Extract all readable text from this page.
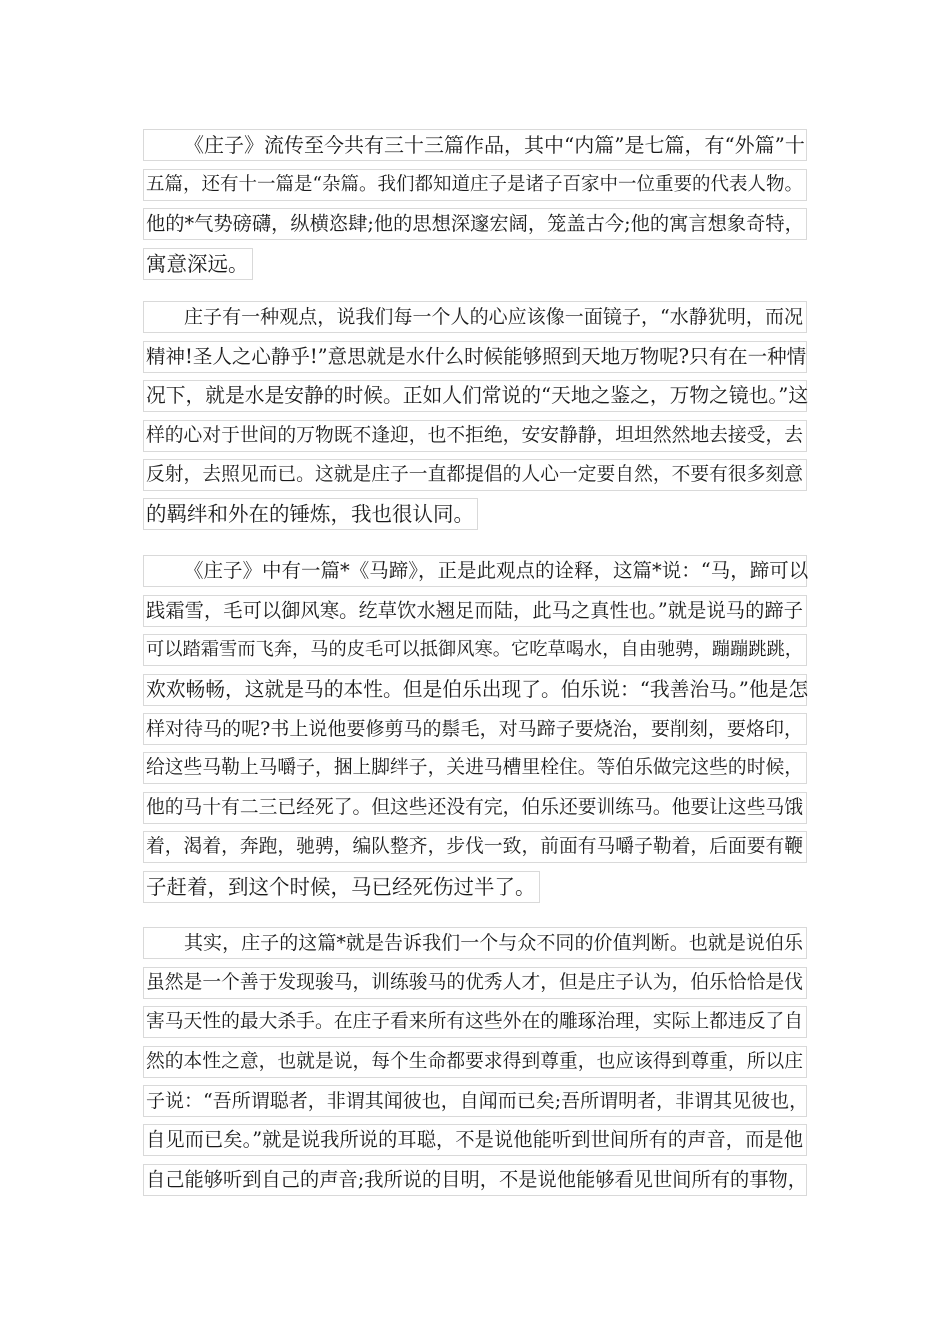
《庄子》流传至今共有三十三篇作品，其中“内篇”是七篇，有“外篇”十
五篇，还有十一篇是“杂篇。我们都知道庄子是诸子百家中一位重要的代表人物。
他的*气势磅礴，纵横恣肆;他的思想深邃宏阔，笼盖古今;他的寓言想象奇特，
寓意深远。
庄子有一种观点，说我们每一个人的心应该像一面镜子，“水静犹明，而况
精神!圣人之心静乎!”意思就是水什么时候能够照到天地万物呢?只有在一种情
况下，就是水是安静的时候。正如人们常说的“天地之鉴之，万物之镜也。”这
样的心对于世间的万物既不逢迎，也不拒绝，安安静静，坦坦然然地去接受，去
反射，去照见而已。这就是庄子一直都提倡的人心一定要自然，不要有很多刻意
的羁绊和外在的锤炼，我也很认同。
《庄子》中有一篇*《马蹄》，正是此观点的诠释，这篇*说：“马，蹄可以
践霜雪，毛可以御风寒。纥草饮水翘足而陆，此马之真性也。”就是说马的蹄子
可以踏霜雪而飞奔，马的皮毛可以抵御风寒。它吃草喝水，自由驰骋，蹦蹦跳跳，
欢欢畅畅，这就是马的本性。但是伯乐出现了。伯乐说：“我善治马。”他是怎
样对待马的呢?书上说他要修剪马的鬃毛，对马蹄子要烧治，要削刻，要烙印，
给这些马勒上马嚼子，捆上脚绊子，关进马槽里栓住。等伯乐做完这些的时候，
他的马十有二三已经死了。但这些还没有完，伯乐还要训练马。他要让这些马饿
着，渴着，奔跑，驰骋，编队整齐，步伐一致，前面有马嚼子勒着，后面要有鞭
子赶着，到这个时候，马已经死伤过半了。
其实，庄子的这篇*就是告诉我们一个与众不同的价值判断。也就是说伯乐
虽然是一个善于发现骏马，训练骏马的优秀人才，但是庄子认为，伯乐恰恰是伐
害马天性的最大杀手。在庄子看来所有这些外在的雕琢治理，实际上都违反了自
然的本性之意，也就是说，每个生命都要求得到尊重，也应该得到尊重，所以庄
子说：“吾所谓聪者，非谓其闻彼也，自闻而已矣;吾所谓明者，非谓其见彼也，
自见而已矣。”就是说我所说的耳聪，不是说他能听到世间所有的声音，而是他
自己能够听到自己的声音;我所说的目明，不是说他能够看见世间所有的事物，
